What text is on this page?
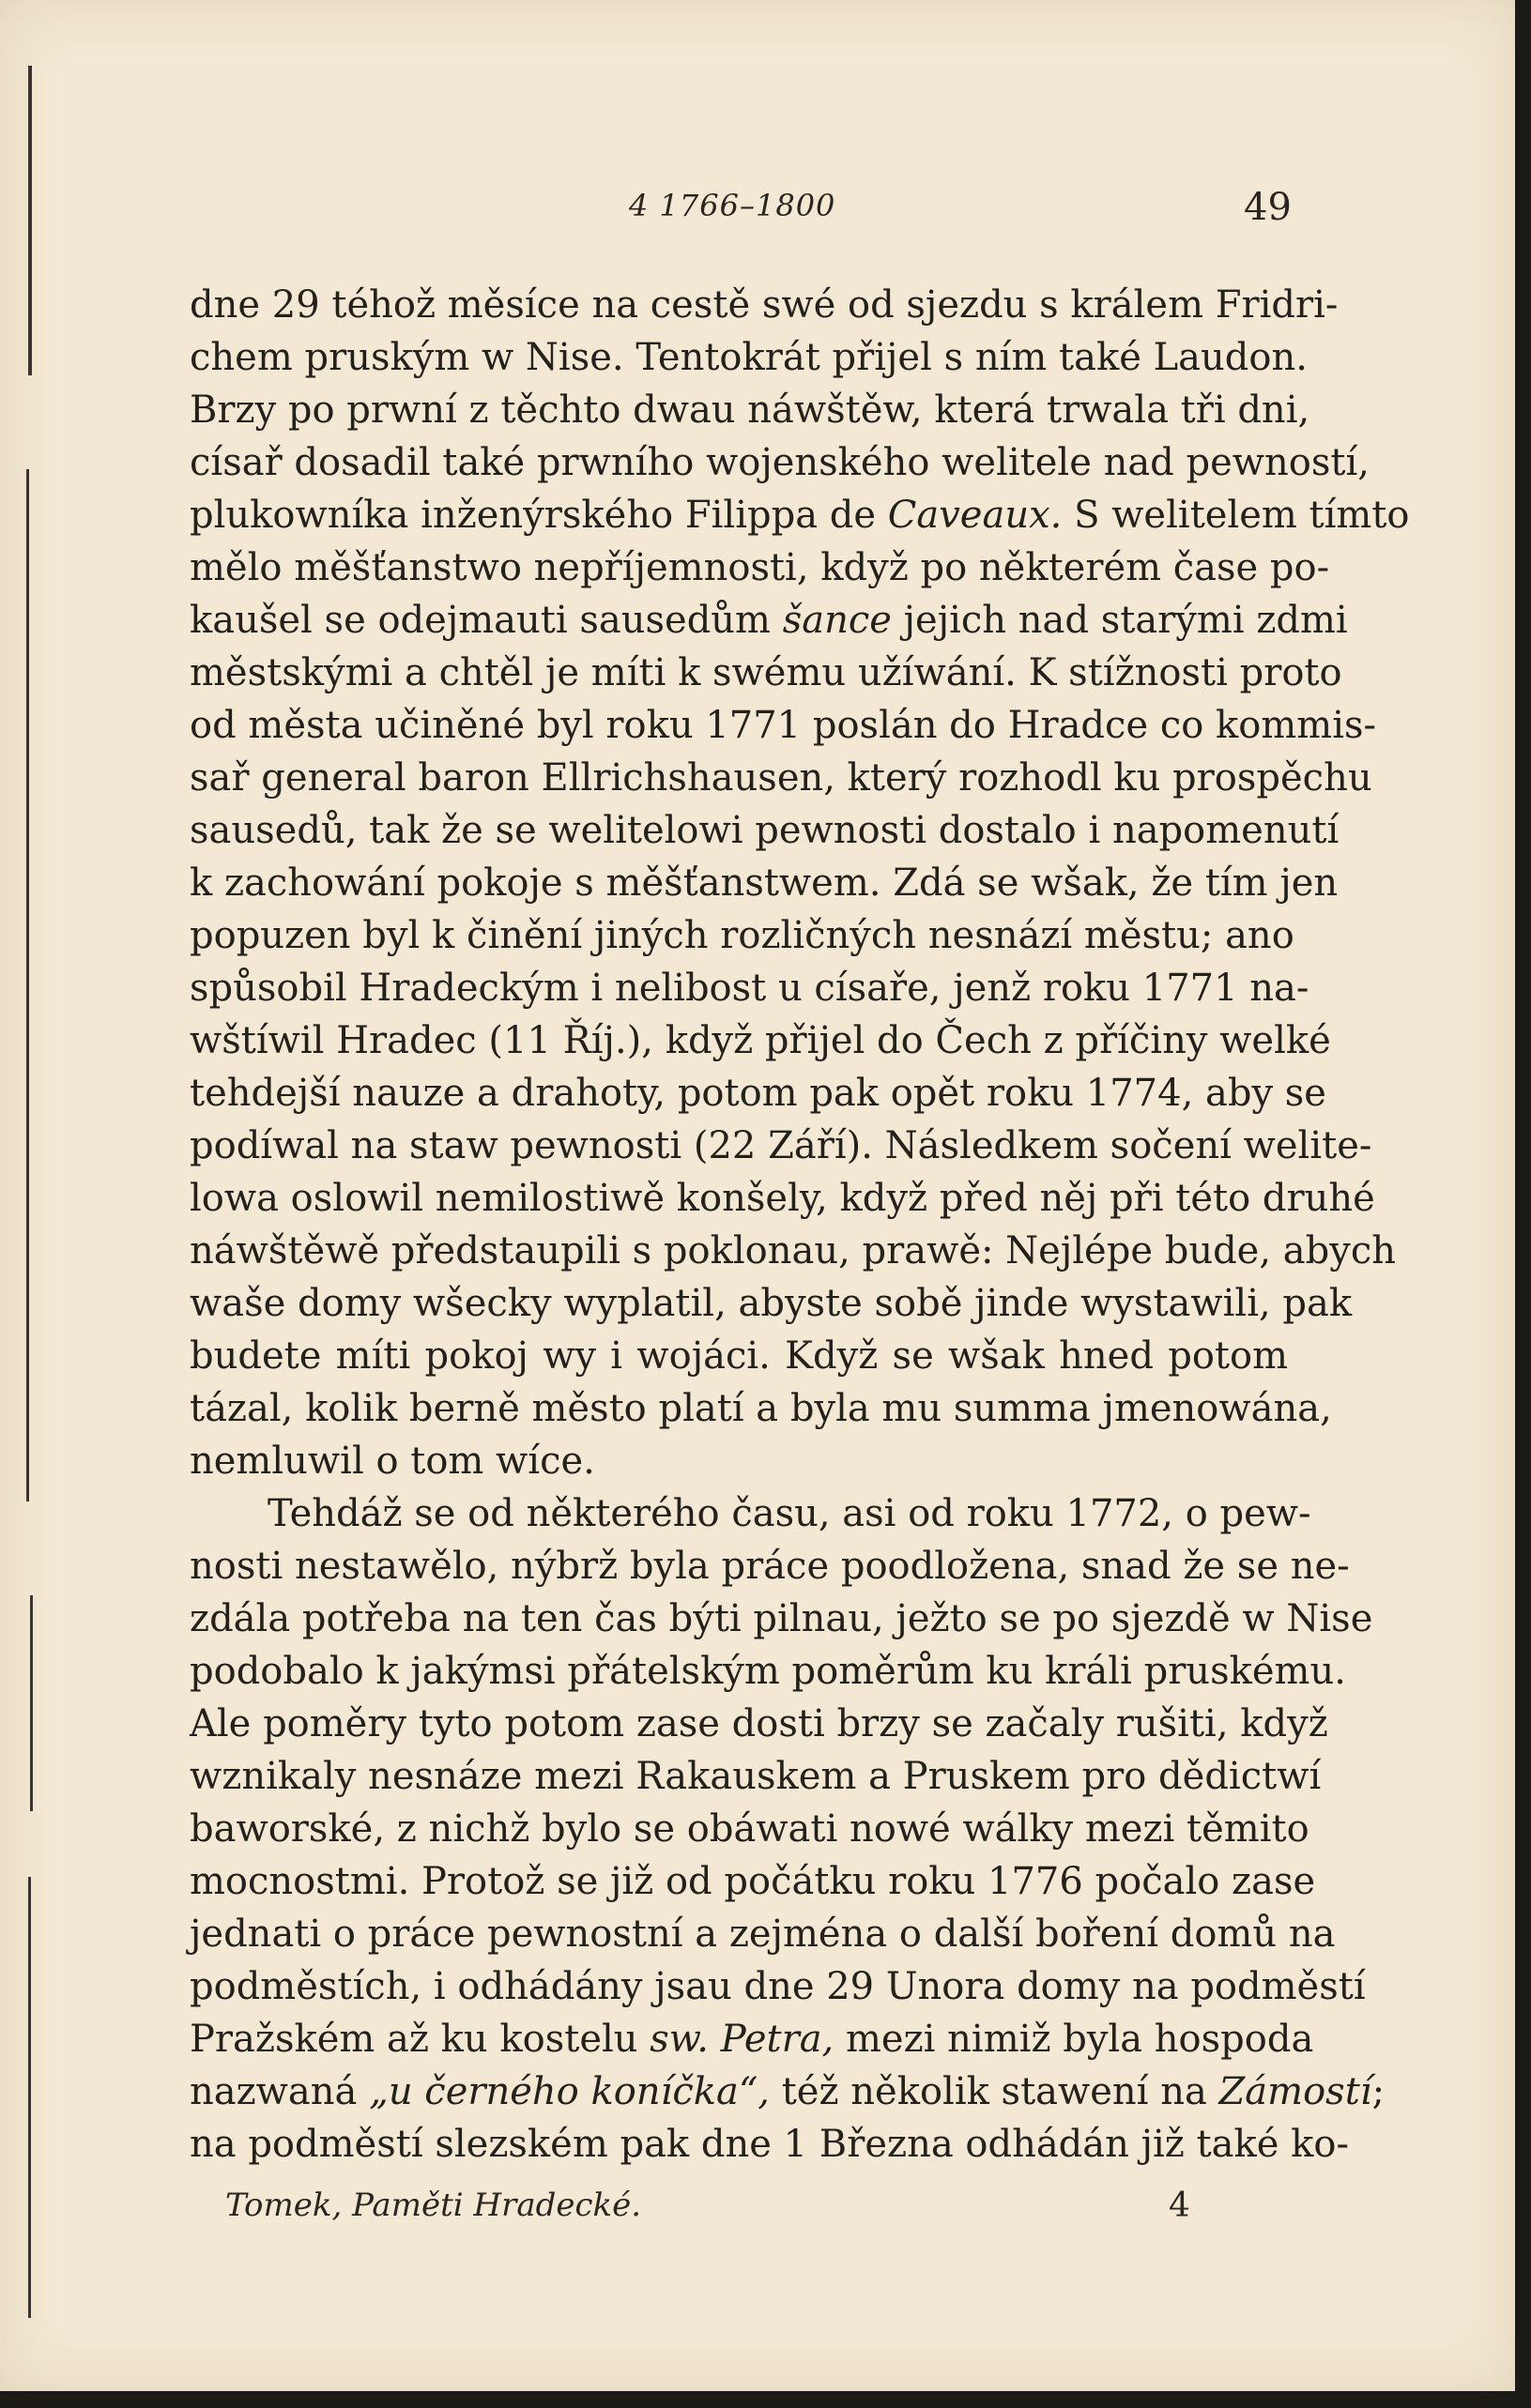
4 1766–1800	49
dne 29 téhož měsíce na cestě swé od sjezdu s králem Fridri-
chem pruským w Nise. Tentokrát přijel s ním také Laudon.
Brzy po prwní z těchto dwau náwštěw, která trwala tři dni,
císař dosadil také prwního wojenského welitele nad pewností,
plukowníka inženýrského Filippa de Caveaux. S welitelem tímto
mělo měšťanstwo nepříjemnosti, když po některém čase po-
kaušel se odejmauti sausedům šance jejich nad starými zdmi
městskými a chtěl je míti k swému užíwání. K stížnosti proto
od města učiněné byl roku 1771 poslán do Hradce co kommis-
sař general baron Ellrichshausen, který rozhodl ku prospěchu
sausedů, tak že se welitelowi pewnosti dostalo i napomenutí
k zachowání pokoje s měšťanstwem. Zdá se wšak, že tím jen
popuzen byl k činění jiných rozličných nesnází městu; ano
spůsobil Hradeckým i nelibost u císaře, jenž roku 1771 na-
wštíwil Hradec (11 Říj.), když přijel do Čech z příčiny welké
tehdejší nauze a drahoty, potom pak opět roku 1774, aby se
podíwal na staw pewnosti (22 Září). Následkem sočení welite-
lowa oslowil nemilostiwě konšely, když před něj při této druhé
náwštěwě předstaupili s poklonau, prawě: Nejlépe bude, abych
waše domy wšecky wyplatil, abyste sobě jinde wystawili, pak
budete míti pokoj wy i wojáci. Když se wšak hned potom
tázal, kolik berně město platí a byla mu summa jmenowána,
nemluwil o tom wíce.
Tehdáž se od některého času, asi od roku 1772, o pew-
nosti nestawělo, nýbrž byla práce poodložena, snad že se ne-
zdála potřeba na ten čas býti pilnau, ježto se po sjezdě w Nise
podobalo k jakýmsi přátelským poměrům ku králi pruskému.
Ale poměry tyto potom zase dosti brzy se začaly rušiti, když
wznikaly nesnáze mezi Rakauskem a Pruskem pro dědictwí
baworské, z nichž bylo se obáwati nowé wálky mezi těmito
mocnostmi. Protož se již od počátku roku 1776 počalo zase
jednati o práce pewnostní a zejména o další boření domů na
podměstích, i odhádány jsau dne 29 Unora domy na podměstí
Pražském až ku kostelu sw. Petra, mezi nimiž byla hospoda
nazwaná „u černého koníčka“, též několik stawení na Zámostí;
na podměstí slezském pak dne 1 Března odhádán již také ko-
Tomek, Paměti Hradecké.	4
